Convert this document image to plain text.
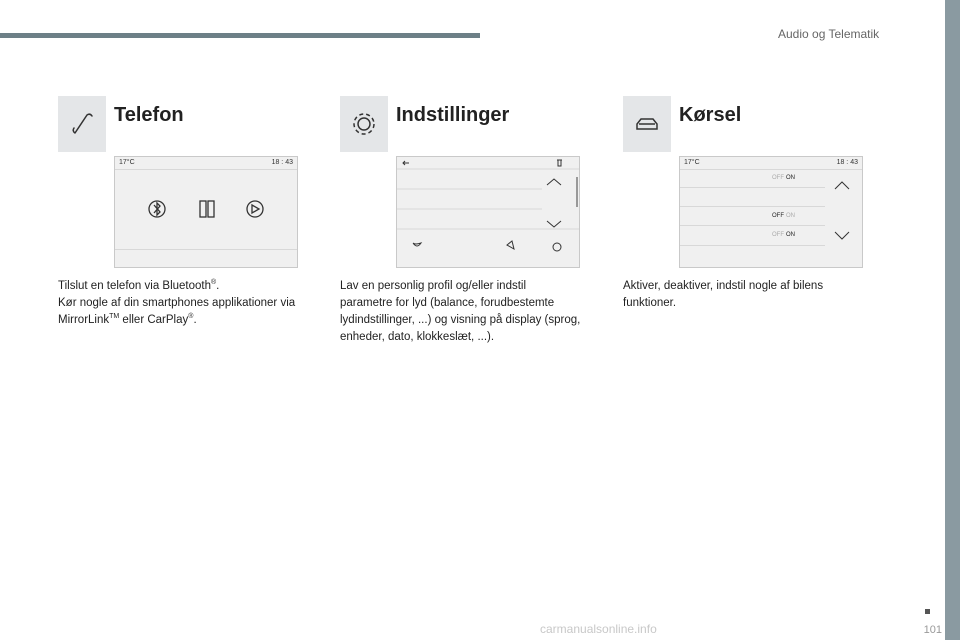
Audio og Telematik
Telefon
17°C	18 : 43

Tilslut en telefon via Bluetooth®.

Kør nogle af din smartphones applikationer via

MirrorLink™ eller CarPlay®.

Indstillinger

Lav en personlig profil og/eller indstil

parametre for lyd (balance, forudbestemte

lydindstillinger, ...) og visning på display (sprog,

enheder, dato, klokkeslæt, ...).

Kørsel
17°C	18 : 43
OFF ON
OFF ON
OFF ON

Aktiver, deaktiver, indstil nogle af bilens

funktioner.

101
carmanualsonline.info
